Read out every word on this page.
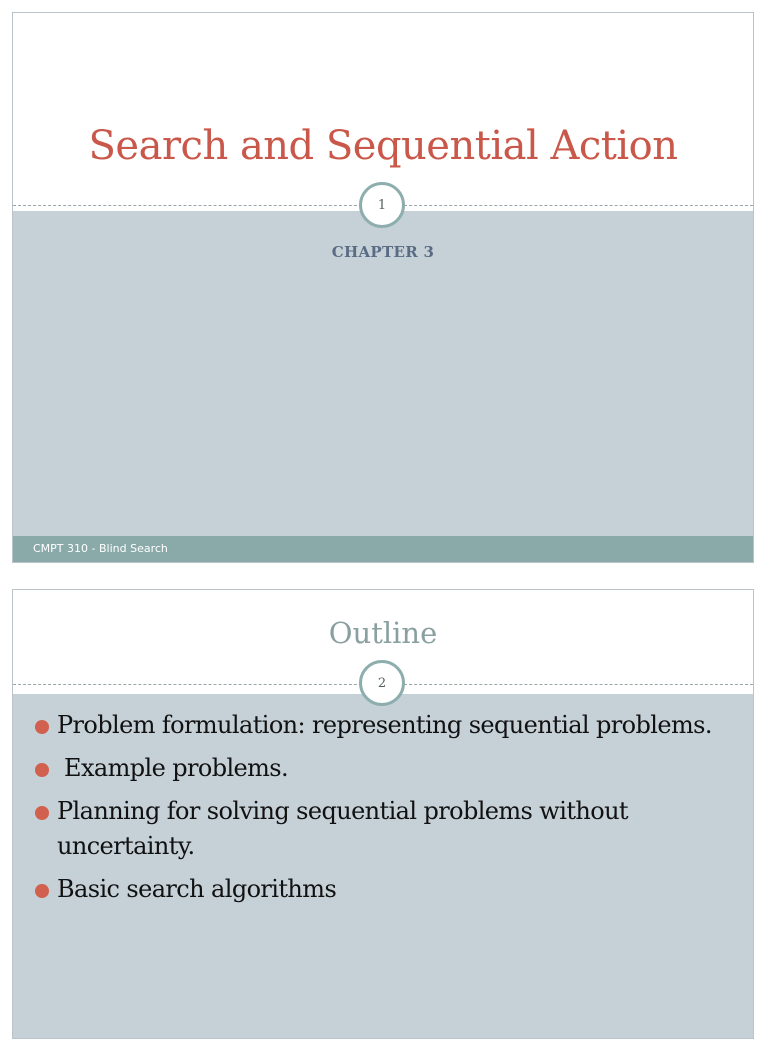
Search and Sequential Action
1
CHAPTER 3
CMPT 310 - Blind Search
Outline
2
Problem formulation: representing sequential problems.
Example problems.
Planning for solving sequential problems without uncertainty.
Basic search algorithms
